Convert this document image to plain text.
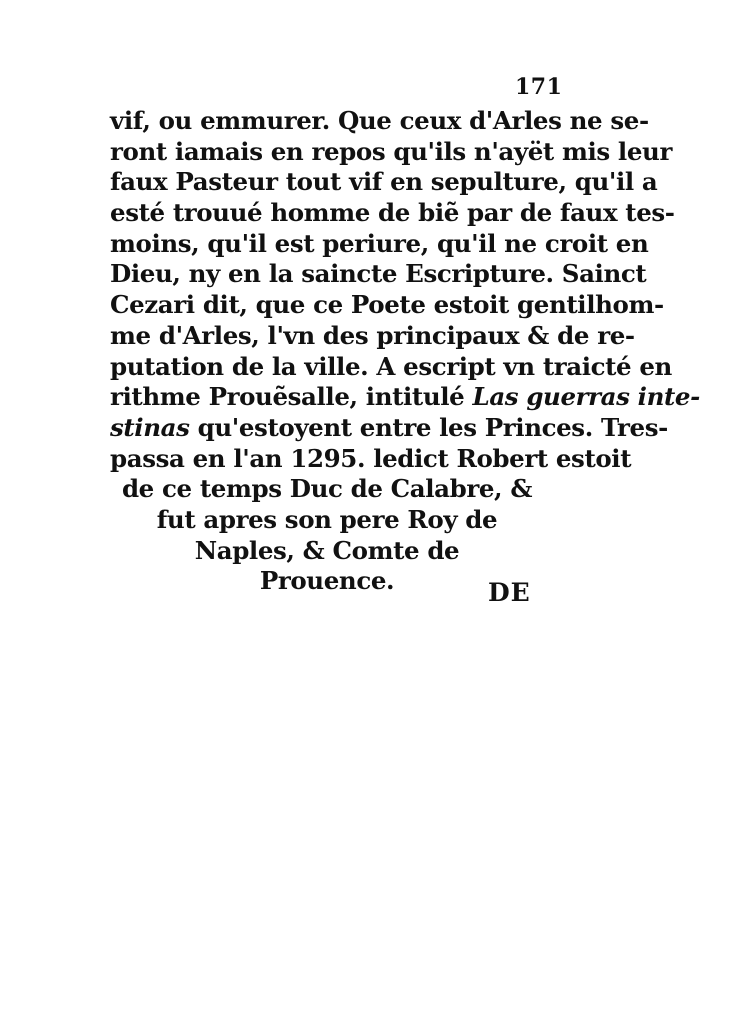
171
vif, ou emmurer. Que ceux d'Arles ne se-
ront iamais en repos qu'ils n'ayët mis leur
faux Pasteur tout vif en sepulture, qu'il a
esté trouué homme de biẽ par de faux tes-
moins, qu'il est periure, qu'il ne croit en
Dieu, ny en la saincte Escripture. Sainct
Cezari dit, que ce Poete estoit gentilhom-
me d'Arles, l'vn des principaux & de re-
putation de la ville. A escript vn traicté en
rithme Prouẽsalle, intitulé Las guerras inte-
stinas qu'estoyent entre les Princes. Tres-
passa en l'an 1295. ledict Robert estoit
de ce temps Duc de Calabre, &
fut apres son pere Roy de
Naples, & Comte de
Prouence.	DE
